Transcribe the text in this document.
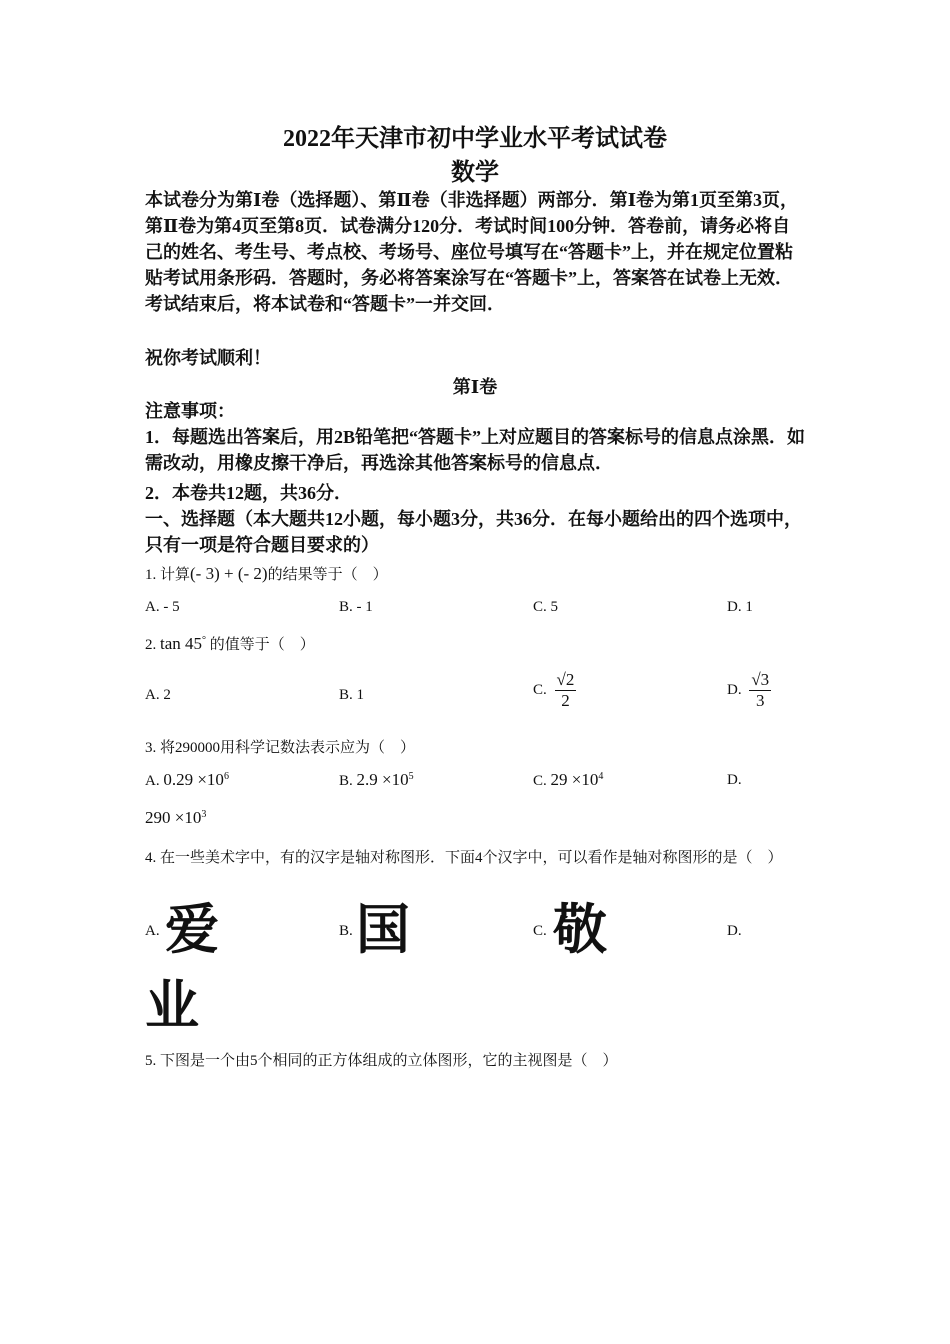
2022年天津市初中学业水平考试试卷
数学
本试卷分为第Ⅰ卷（选择题）、第Ⅱ卷（非选择题）两部分．第Ⅰ卷为第1页至第3页，第Ⅱ卷为第4页至第8页．试卷满分120分．考试时间100分钟．答卷前，请务必将自己的姓名、考生号、考点校、考场号、座位号填写在“答题卡”上，并在规定位置粘贴考试用条形码．答题时，务必将答案涂写在“答题卡”上，答案答在试卷上无效．考试结束后，将本试卷和“答题卡”一并交回．
祝你考试顺利！
第Ⅰ卷
注意事项：
1．每题选出答案后，用2B铅笔把“答题卡”上对应题目的答案标号的信息点涂黑．如需改动，用橡皮擦干净后，再选涂其他答案标号的信息点．
2．本卷共12题，共36分．
一、选择题（本大题共12小题，每小题3分，共36分．在每小题给出的四个选项中，只有一项是符合题目要求的）
1. 计算(- 3) + (- 2)的结果等于（　）
A. - 5	B. - 1	C. 5	D. 1
2. tan 45° 的值等于（　）
A. 2	B. 1	C. $\frac{√2}{2}$	D. $\frac{√3}{3}$
3. 将290000用科学记数法表示应为（　）
A. $0.29 \times 10^6$	B. $2.9 \times 10^5$	C. $29 \times 10^4$	D.
$290 \times 10^3$
4. 在一些美术字中，有的汉字是轴对称图形．下面4个汉字中，可以看作是轴对称图形的是（　）
A. 爱	B. 国	C. 敬	D.
业
5. 下图是一个由5个相同的正方体组成的立体图形，它的主视图是（　）
